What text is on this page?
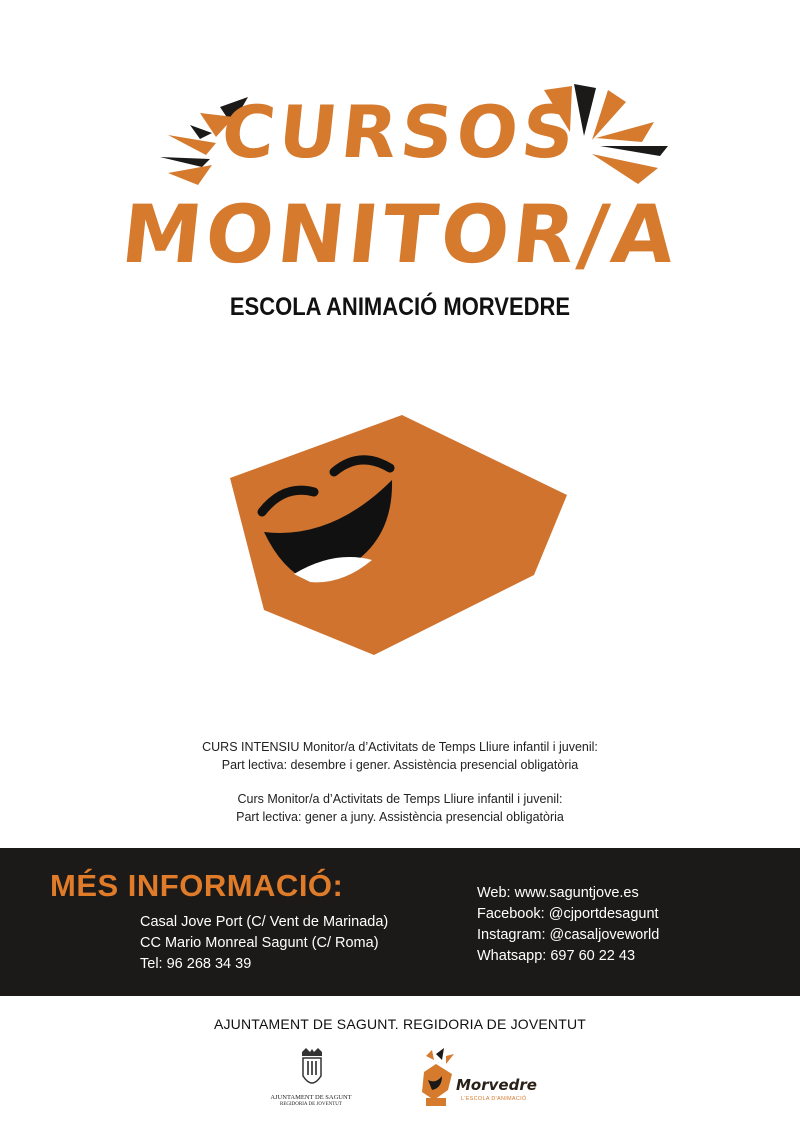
CURSOS
MONITOR/A
ESCOLA ANIMACIÓ MORVEDRE
CURS INTENSIU Monitor/a d’Activitats de Temps Lliure infantil i juvenil:
Part lectiva: desembre i gener. Assistència presencial obligatòria
Curs Monitor/a d’Activitats de Temps Lliure infantil i juvenil:
Part lectiva: gener a juny. Assistència presencial obligatòria
MÉS INFORMACIÓ:
Casal Jove Port (C/ Vent de Marinada)
CC Mario Monreal Sagunt (C/ Roma)
Tel: 96 268 34 39
Web: www.saguntjove.es
Facebook: @cjportdesagunt
Instagram: @casaljoveworld
Whatsapp: 697 60 22 43
AJUNTAMENT DE SAGUNT. REGIDORIA DE JOVENTUT
AJUNTAMENT DE SAGUNT
REGIDORIA DE JOVENTUT
Morvedre
L'ESCOLA D'ANIMACIÓ
